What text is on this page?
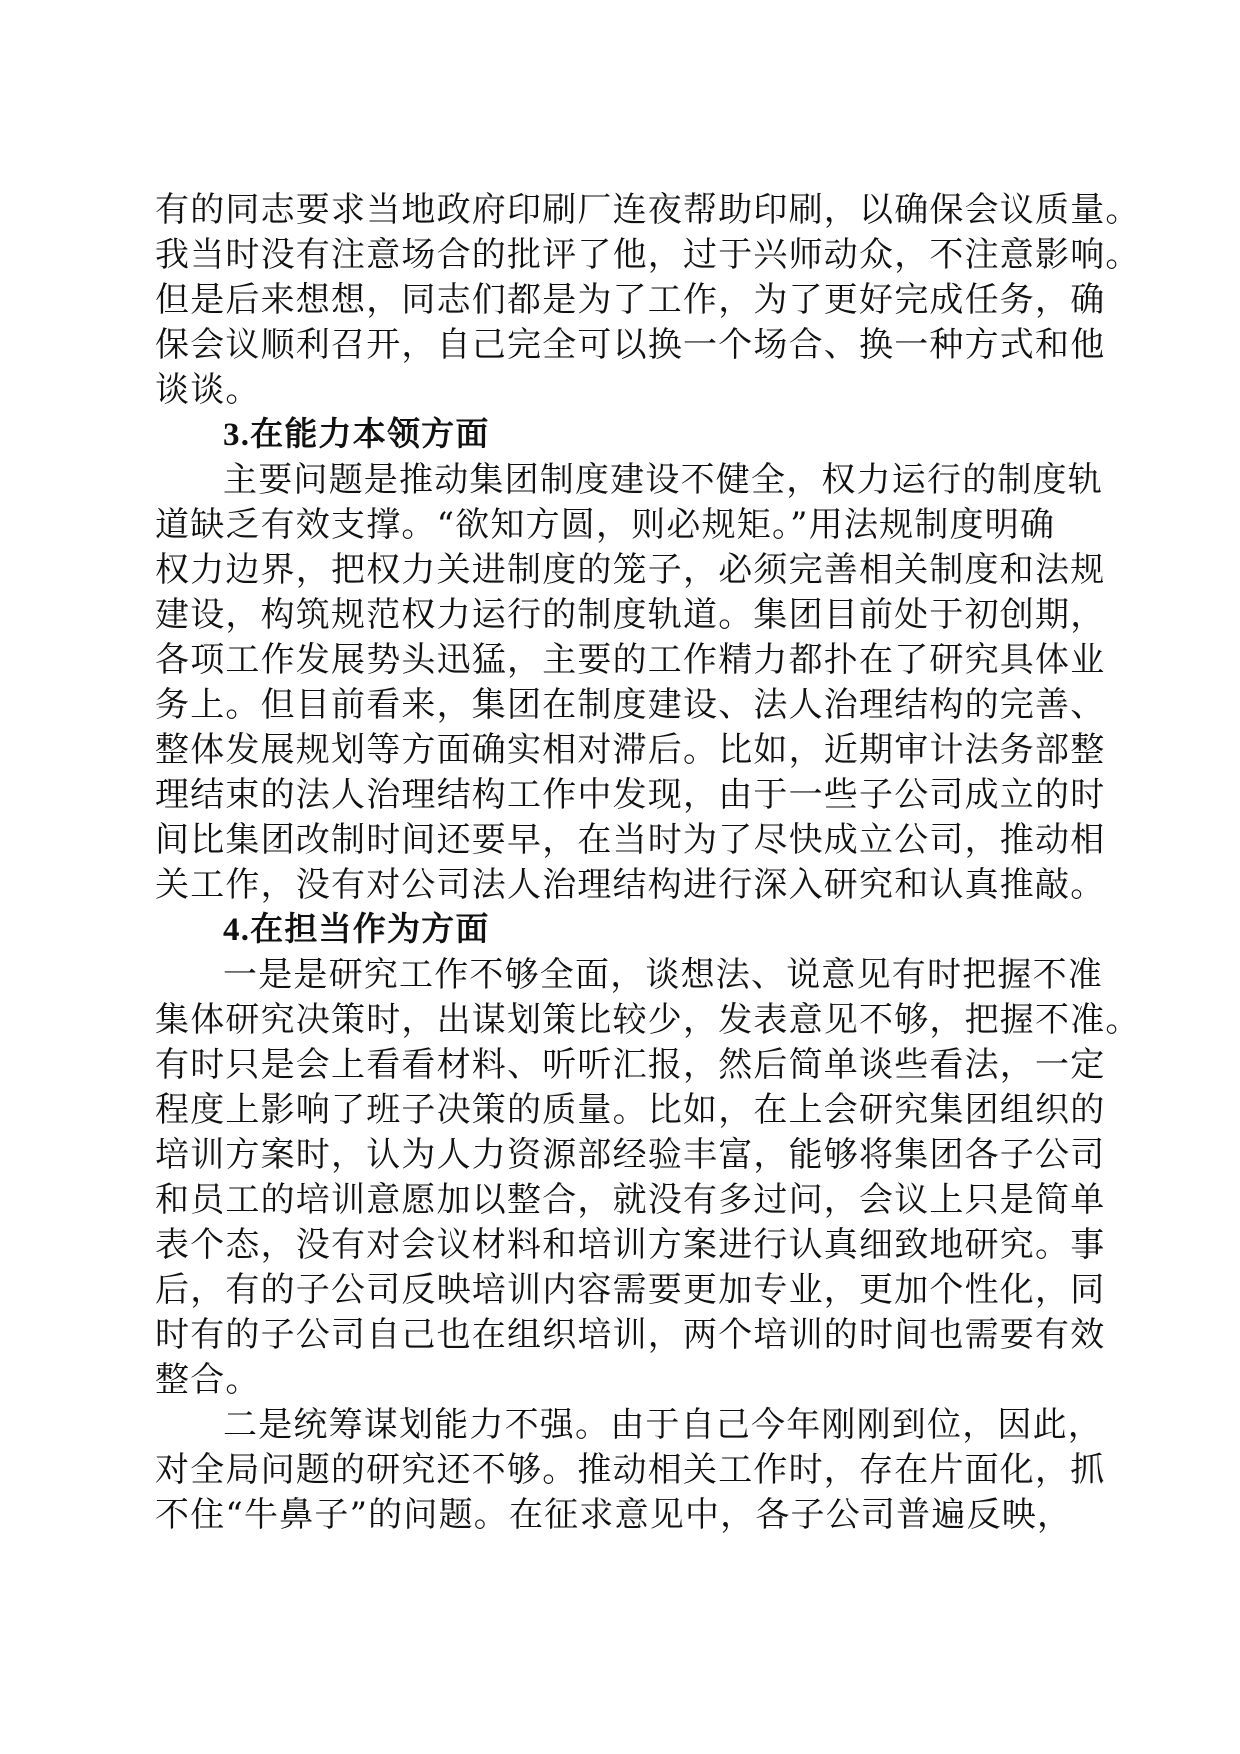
有的同志要求当地政府印刷厂连夜帮助印刷，以确保会议质量。
我当时没有注意场合的批评了他，过于兴师动众，不注意影响。
但是后来想想，同志们都是为了工作，为了更好完成任务，确
保会议顺利召开，自己完全可以换一个场合、换一种方式和他
谈谈。
3.在能力本领方面
主要问题是推动集团制度建设不健全，权力运行的制度轨
道缺乏有效支撑。“欲知方圆，则必规矩。”用法规制度明确
权力边界，把权力关进制度的笼子，必须完善相关制度和法规
建设，构筑规范权力运行的制度轨道。集团目前处于初创期，
各项工作发展势头迅猛，主要的工作精力都扑在了研究具体业
务上。但目前看来，集团在制度建设、法人治理结构的完善、
整体发展规划等方面确实相对滞后。比如，近期审计法务部整
理结束的法人治理结构工作中发现，由于一些子公司成立的时
间比集团改制时间还要早，在当时为了尽快成立公司，推动相
关工作，没有对公司法人治理结构进行深入研究和认真推敲。
4.在担当作为方面
一是是研究工作不够全面，谈想法、说意见有时把握不准
集体研究决策时，出谋划策比较少，发表意见不够，把握不准。
有时只是会上看看材料、听听汇报，然后简单谈些看法，一定
程度上影响了班子决策的质量。比如，在上会研究集团组织的
培训方案时，认为人力资源部经验丰富，能够将集团各子公司
和员工的培训意愿加以整合，就没有多过问，会议上只是简单
表个态，没有对会议材料和培训方案进行认真细致地研究。事
后，有的子公司反映培训内容需要更加专业，更加个性化，同
时有的子公司自己也在组织培训，两个培训的时间也需要有效
整合。
二是统筹谋划能力不强。由于自己今年刚刚到位，因此，
对全局问题的研究还不够。推动相关工作时，存在片面化，抓
不住“牛鼻子”的问题。在征求意见中，各子公司普遍反映，
